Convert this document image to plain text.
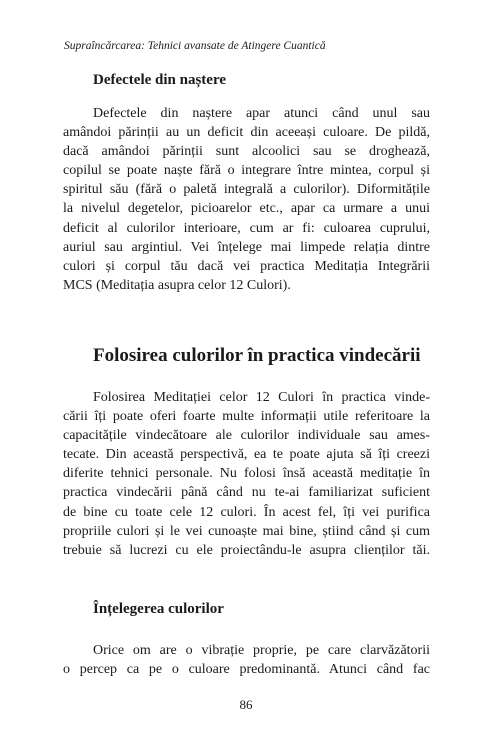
Supraîncărcarea: Tehnici avansate de Atingere Cuantică
Defectele din naștere
Defectele din naștere apar atunci când unul sau
amândoi părinții au un deficit din aceeași culoare. De pildă,
dacă amândoi părinții sunt alcoolici sau se droghează,
copilul se poate naște fără o integrare între mintea, corpul și
spiritul său (fără o paletă integrală a culorilor). Diformitățile
la nivelul degetelor, picioarelor etc., apar ca urmare a unui
deficit al culorilor interioare, cum ar fi: culoarea cuprului,
auriul sau argintiul. Vei înțelege mai limpede relația dintre
culori și corpul tău dacă vei practica Meditația Integrării
MCS (Meditația asupra celor 12 Culori).
Folosirea culorilor în practica vindecării
Folosirea Meditației celor 12 Culori în practica vinde-
cării îți poate oferi foarte multe informații utile referitoare la
capacitățile vindecătoare ale culorilor individuale sau ames-
tecate. Din această perspectivă, ea te poate ajuta să îți creezi
diferite tehnici personale. Nu folosi însă această meditație în
practica vindecării până când nu te-ai familiarizat suficient
de bine cu toate cele 12 culori. În acest fel, îți vei purifica
propriile culori și le vei cunoaște mai bine, știind când și cum
trebuie să lucrezi cu ele proiectându-le asupra clienților tăi.
Înțelegerea culorilor
Orice om are o vibrație proprie, pe care clarvăzătorii
o percep ca pe o culoare predominantă. Atunci când fac
86
